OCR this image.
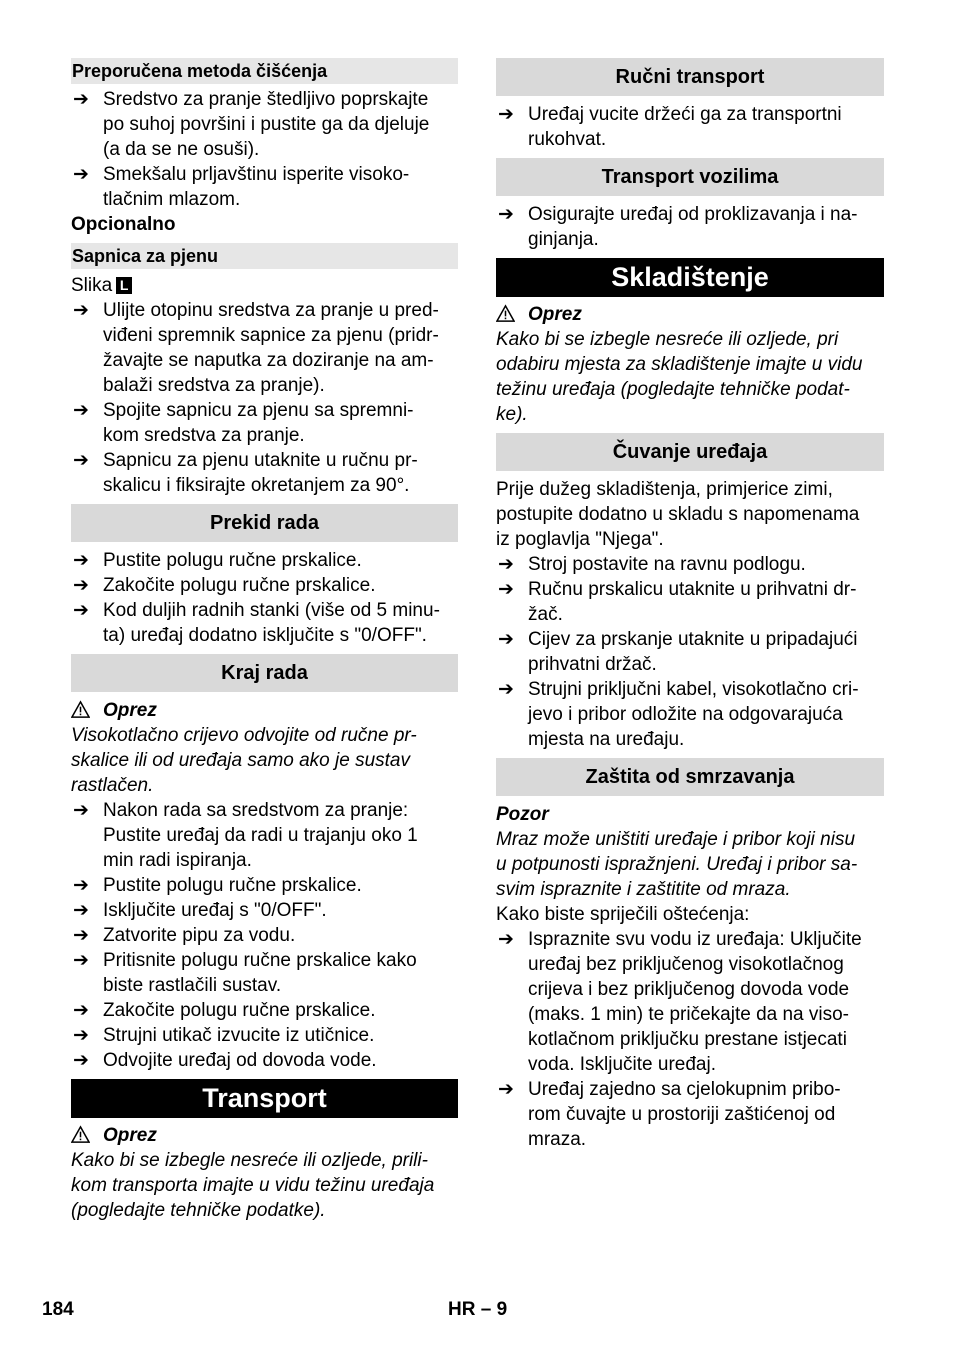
Preporučena metoda čišćenja
➔ Sredstvo za pranje štedljivo poprskajte
po suhoj površini i pustite ga da djeluje
(a da se ne osuši).
➔ Smekšalu prljavštinu isperite visoko-
tlačnim mlazom.
Opcionalno
Sapnica za pjenu
Slika L
➔ Ulijte otopinu sredstva za pranje u pred-
viđeni spremnik sapnice za pjenu (pridr-
žavajte se naputka za doziranje na am-
balaži sredstva za pranje).
➔ Spojite sapnicu za pjenu sa spremni-
kom sredstva za pranje.
➔ Sapnicu za pjenu utaknite u ručnu pr-
skalicu i fiksirajte okretanjem za 90°.
Prekid rada
➔ Pustite polugu ručne prskalice.
➔ Zakočite polugu ručne prskalice.
➔ Kod duljih radnih stanki (više od 5 minu-
ta) uređaj dodatno isključite s "0/OFF".
Kraj rada
Oprez
Visokotlačno crijevo odvojite od ručne pr-
skalice ili od uređaja samo ako je sustav
rastlačen.
➔ Nakon rada sa sredstvom za pranje:
Pustite uređaj da radi u trajanju oko 1
min radi ispiranja.
➔ Pustite polugu ručne prskalice.
➔ Isključite uređaj s "0/OFF".
➔ Zatvorite pipu za vodu.
➔ Pritisnite polugu ručne prskalice kako
biste rastlačili sustav.
➔ Zakočite polugu ručne prskalice.
➔ Strujni utikač izvucite iz utičnice.
➔ Odvojite uređaj od dovoda vode.
Transport
Oprez
Kako bi se izbegle nesreće ili ozljede, prili-
kom transporta imajte u vidu težinu uređaja
(pogledajte tehničke podatke).
Ručni transport
➔ Uređaj vucite držeći ga za transportni
rukohvat.
Transport vozilima
➔ Osigurajte uređaj od proklizavanja i na-
ginjanja.
Skladištenje
Oprez
Kako bi se izbegle nesreće ili ozljede, pri
odabiru mjesta za skladištenje imajte u vidu
težinu uređaja (pogledajte tehničke podat-
ke).
Čuvanje uređaja
Prije dužeg skladištenja, primjerice zimi,
postupite dodatno u skladu s napomenama
iz poglavlja "Njega".
➔ Stroj postavite na ravnu podlogu.
➔ Ručnu prskalicu utaknite u prihvatni dr-
žač.
➔ Cijev za prskanje utaknite u pripadajući
prihvatni držač.
➔ Strujni priključni kabel, visokotlačno cri-
jevo i pribor odložite na odgovarajuća
mjesta na uređaju.
Zaštita od smrzavanja
Pozor
Mraz može uništiti uređaje i pribor koji nisu
u potpunosti ispražnjeni. Uređaj i pribor sa-
svim ispraznite i zaštitite od mraza.
Kako biste spriječili oštećenja:
➔ Ispraznite svu vodu iz uređaja: Uključite
uređaj bez priključenog visokotlačnog
crijeva i bez priključenog dovoda vode
(maks. 1 min) te pričekajte da na viso-
kotlačnom priključku prestane istjecati
voda. Isključite uređaj.
➔ Uređaj zajedno sa cjelokupnim pribo-
rom čuvajte u prostoriji zaštićenoj od
mraza.
184	HR – 9
